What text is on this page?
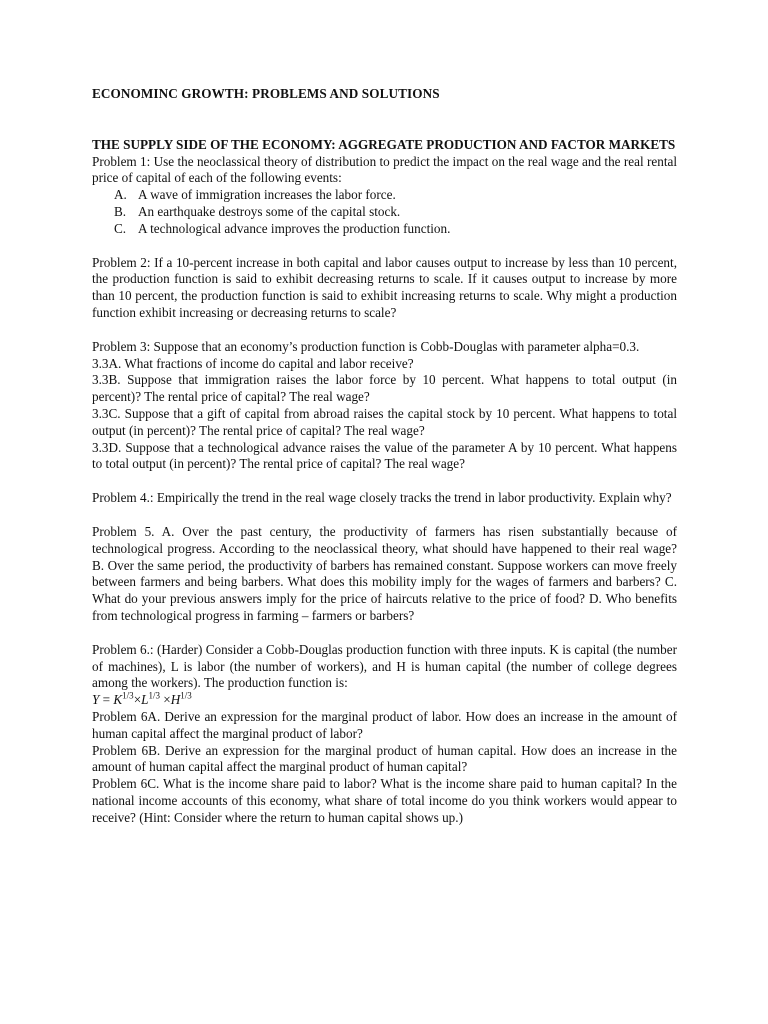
ECONOMINC GROWTH: PROBLEMS AND SOLUTIONS
THE SUPPLY SIDE OF THE ECONOMY: AGGREGATE PRODUCTION AND FACTOR MARKETS

Problem 1: Use the neoclassical theory of distribution to predict the impact on the real wage and the real rental price of capital of each of the following events:

A. A wave of immigration increases the labor force.
B. An earthquake destroys some of the capital stock.
C. A technological advance improves the production function.

Problem 2: If a 10-percent increase in both capital and labor causes output to increase by less than 10 percent, the production function is said to exhibit decreasing returns to scale. If it causes output to increase by more than 10 percent, the production function is said to exhibit increasing returns to scale. Why might a production function exhibit increasing or decreasing returns to scale?

Problem 3: Suppose that an economy’s production function is Cobb-Douglas with parameter alpha=0.3.

3.3A. What fractions of income do capital and labor receive?

3.3B. Suppose that immigration raises the labor force by 10 percent. What happens to total output (in percent)? The rental price of capital? The real wage?

3.3C. Suppose that a gift of capital from abroad raises the capital stock by 10 percent. What happens to total output (in percent)? The rental price of capital? The real wage?

3.3D. Suppose that a technological advance raises the value of the parameter A by 10 percent. What happens to total output (in percent)? The rental price of capital? The real wage?

Problem 4.: Empirically the trend in the real wage closely tracks the trend in labor productivity. Explain why?

Problem 5. A. Over the past century, the productivity of farmers has risen substantially because of technological progress. According to the neoclassical theory, what should have happened to their real wage? B. Over the same period, the productivity of barbers has remained constant. Suppose workers can move freely between farmers and being barbers. What does this mobility imply for the wages of farmers and barbers? C. What do your previous answers imply for the price of haircuts relative to the price of food? D. Who benefits from technological progress in farming – farmers or barbers?

Problem 6.: (Harder) Consider a Cobb-Douglas production function with three inputs. K is capital (the number of machines), L is labor (the number of workers), and H is human capital (the number of college degrees among the workers). The production function is:

$Y = K^{1/3}\times L^{1/3} \times H^{1/3}$

Problem 6A. Derive an expression for the marginal product of labor. How does an increase in the amount of human capital affect the marginal product of labor?

Problem 6B. Derive an expression for the marginal product of human capital. How does an increase in the amount of human capital affect the marginal product of human capital?

Problem 6C. What is the income share paid to labor? What is the income share paid to human capital? In the national income accounts of this economy, what share of total income do you think workers would appear to receive? (Hint: Consider where the return to human capital shows up.)
